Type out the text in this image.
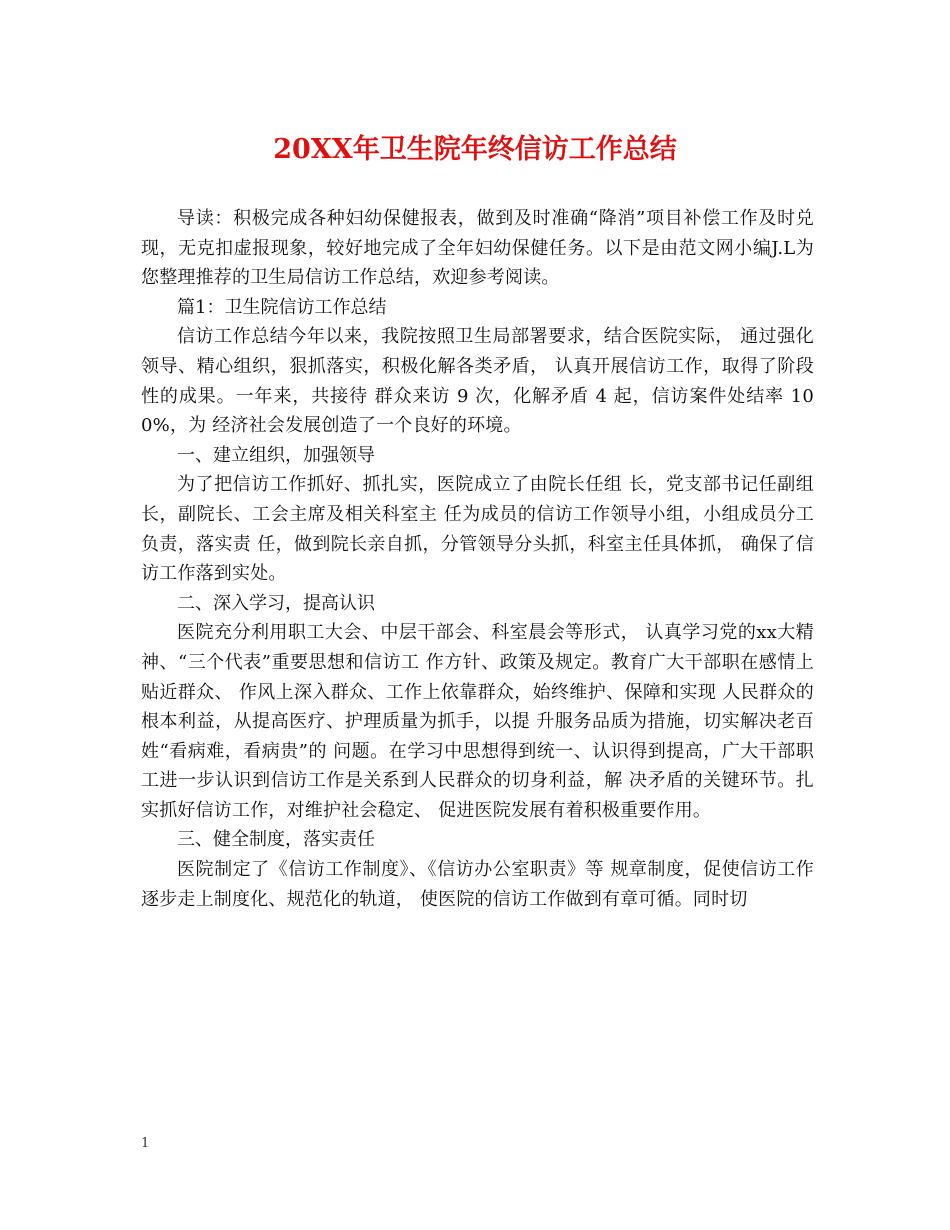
20XX年卫生院年终信访工作总结

导读：积极完成各种妇幼保健报表，做到及时准确“降消”项目补偿工作及时兑现，无克扣虚报现象，较好地完成了全年妇幼保健任务。以下是由范文网小编J.L为您整理推荐的卫生局信访工作总结，欢迎参考阅读。

篇1：卫生院信访工作总结

信访工作总结今年以来，我院按照卫生局部署要求，结合医院实际， 通过强化领导、精心组织，狠抓落实，积极化解各类矛盾， 认真开展信访工作，取得了阶段性的成果。一年来，共接待 群众来访 9 次，化解矛盾 4 起，信访案件处结率 100%，为 经济社会发展创造了一个良好的环境。

一、建立组织，加强领导

为了把信访工作抓好、抓扎实，医院成立了由院长任组 长，党支部书记任副组长，副院长、工会主席及相关科室主 任为成员的信访工作领导小组，小组成员分工负责，落实责 任，做到院长亲自抓，分管领导分头抓，科室主任具体抓， 确保了信访工作落到实处。

二、深入学习，提高认识

医院充分利用职工大会、中层干部会、科室晨会等形式， 认真学习党的xx大精神、“三个代表”重要思想和信访工 作方针、政策及规定。教育广大干部职在感情上贴近群众、 作风上深入群众、工作上依靠群众，始终维护、保障和实现 人民群众的根本利益，从提高医疗、护理质量为抓手，以提 升服务品质为措施，切实解决老百姓“看病难，看病贵”的 问题。在学习中思想得到统一、认识得到提高，广大干部职 工进一步认识到信访工作是关系到人民群众的切身利益，解 决矛盾的关键环节。扎实抓好信访工作，对维护社会稳定、 促进医院发展有着积极重要作用。

三、健全制度，落实责任

医院制定了《信访工作制度》、《信访办公室职责》等 规章制度，促使信访工作逐步走上制度化、规范化的轨道， 使医院的信访工作做到有章可循。同时切

1
